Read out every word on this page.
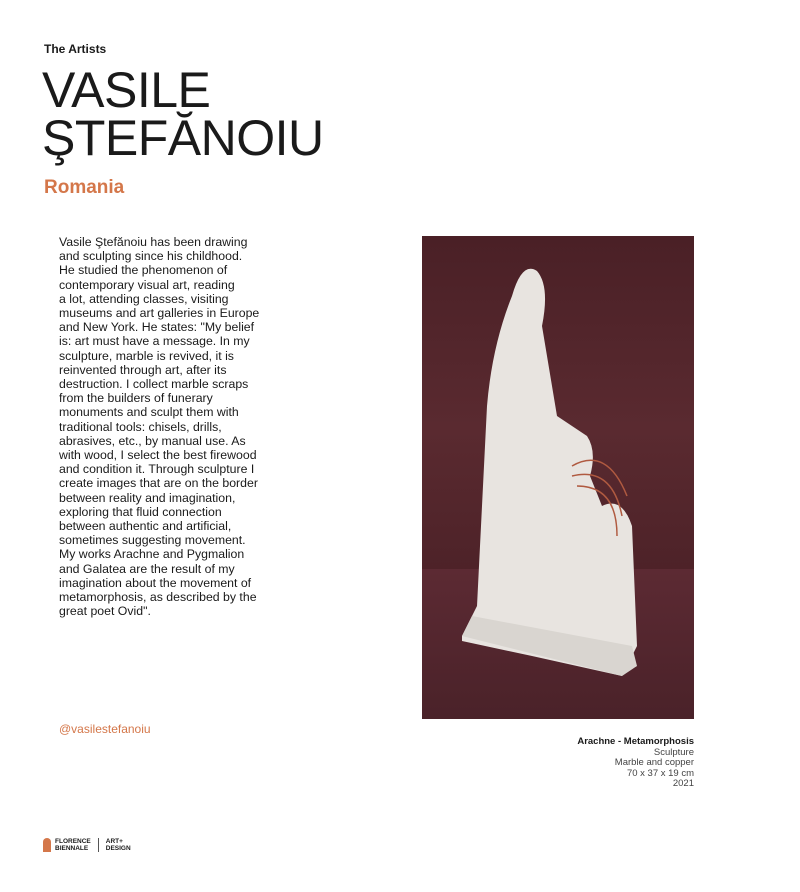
The Artists
VASILE
ŞTEFĂNOIU
Romania
Vasile Ştefănoiu has been drawing
and sculpting since his childhood.
He studied the phenomenon of
contemporary visual art, reading
a lot, attending classes, visiting
museums and art galleries in Europe
and New York. He states: "My belief
is: art must have a message. In my
sculpture, marble is revived, it is
reinvented through art, after its
destruction. I collect marble scraps
from the builders of funerary
monuments and sculpt them with
traditional tools: chisels, drills,
abrasives, etc., by manual use. As
with wood, I select the best firewood
and condition it. Through sculpture I
create images that are on the border
between reality and imagination,
exploring that fluid connection
between authentic and artificial,
sometimes suggesting movement.
My works Arachne and Pygmalion
and Galatea are the result of my
imagination about the movement of
metamorphosis, as described by the
great poet Ovid".
@vasilestefanoiu
Arachne - Metamorphosis
Sculpture
Marble and copper
70 x 37 x 19 cm
2021
FLORENCE
BIENNALE
ART+
DESIGN
